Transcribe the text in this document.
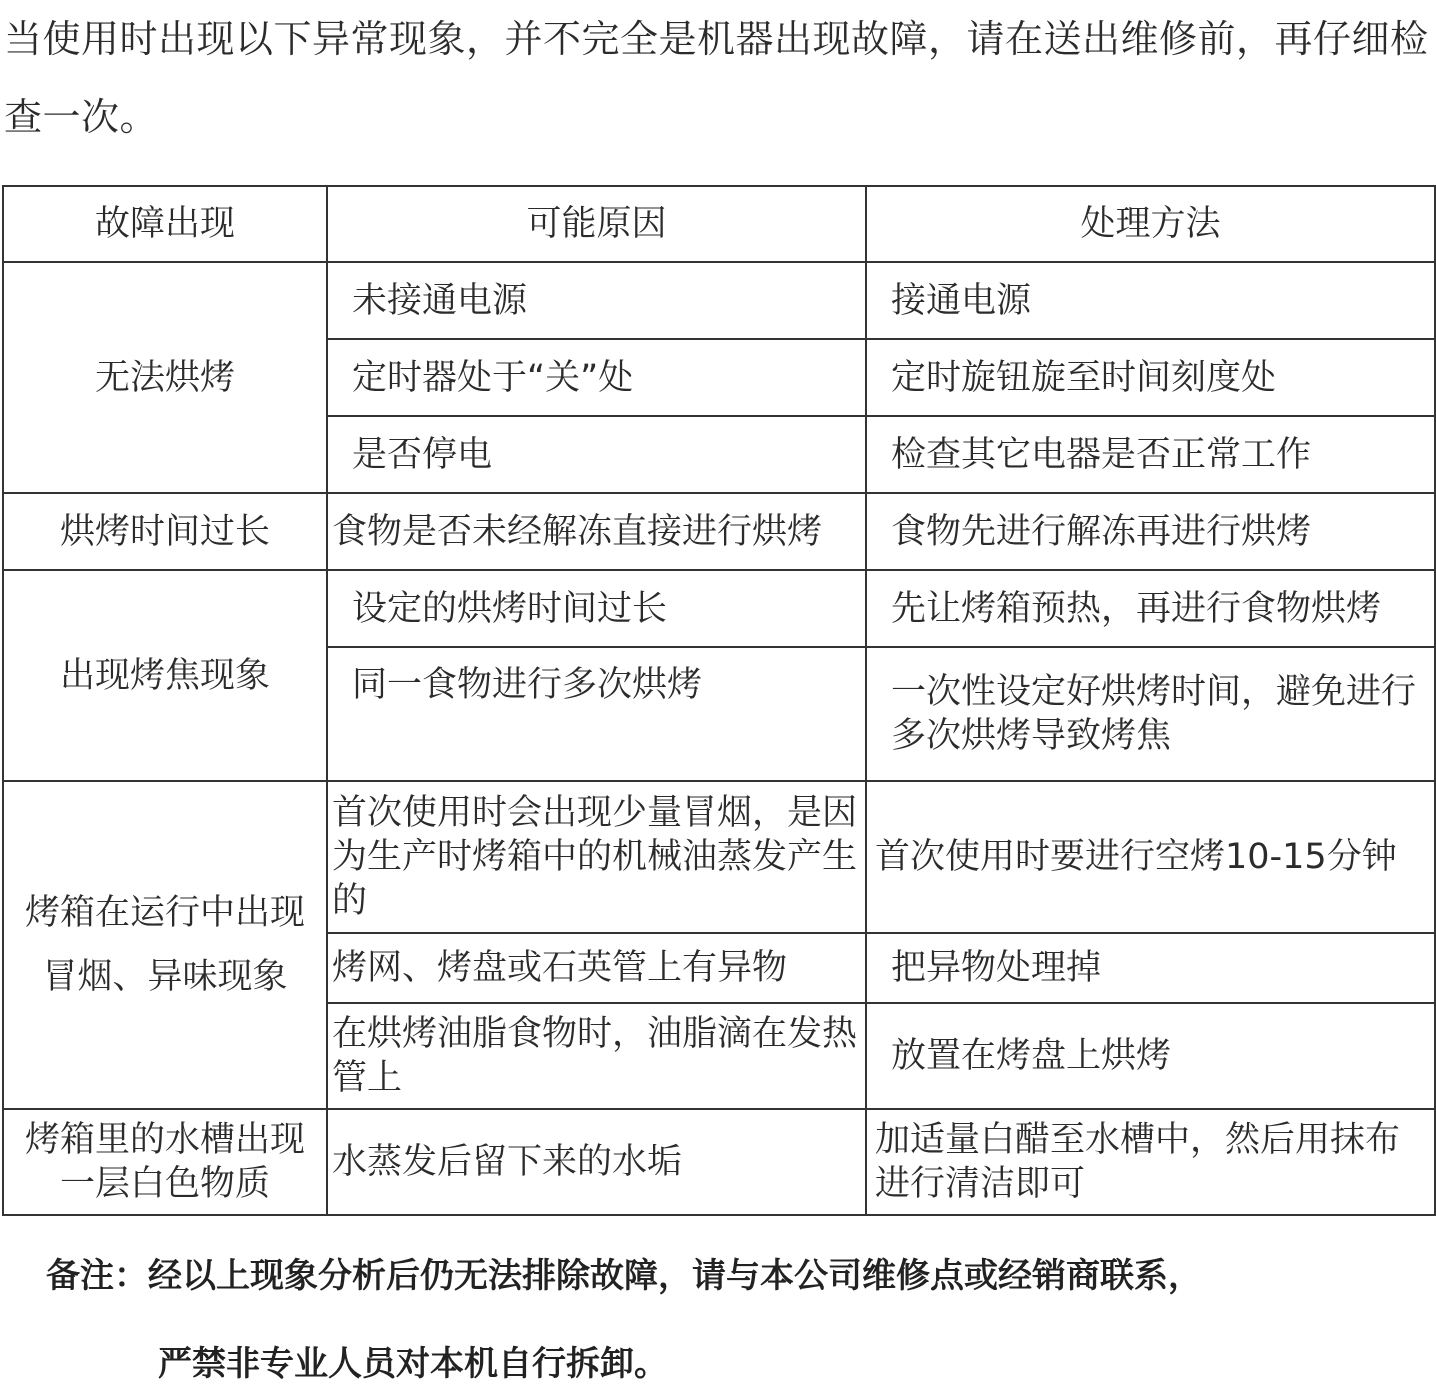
当使用时出现以下异常现象，并不完全是机器出现故障，请在送出维修前，再仔细检查一次。
故障出现	可能原因	处理方法
无法烘烤	未接通电源	接通电源
	定时器处于“关”处	定时旋钮旋至时间刻度处
	是否停电	检查其它电器是否正常工作
烘烤时间过长	食物是否未经解冻直接进行烘烤	食物先进行解冻再进行烘烤
出现烤焦现象	设定的烘烤时间过长	先让烤箱预热，再进行食物烘烤
	同一食物进行多次烘烤	一次性设定好烘烤时间，避免进行多次烘烤导致烤焦
烤箱在运行中出现冒烟、异味现象	首次使用时会出现少量冒烟，是因为生产时烤箱中的机械油蒸发产生的	首次使用时要进行空烤10-15分钟
	烤网、烤盘或石英管上有异物	把异物处理掉
	在烘烤油脂食物时，油脂滴在发热管上	放置在烤盘上烘烤
烤箱里的水槽出现一层白色物质	水蒸发后留下来的水垢	加适量白醋至水槽中，然后用抹布进行清洁即可
备注：经以上现象分析后仍无法排除故障，请与本公司维修点或经销商联系，
严禁非专业人员对本机自行拆卸。
